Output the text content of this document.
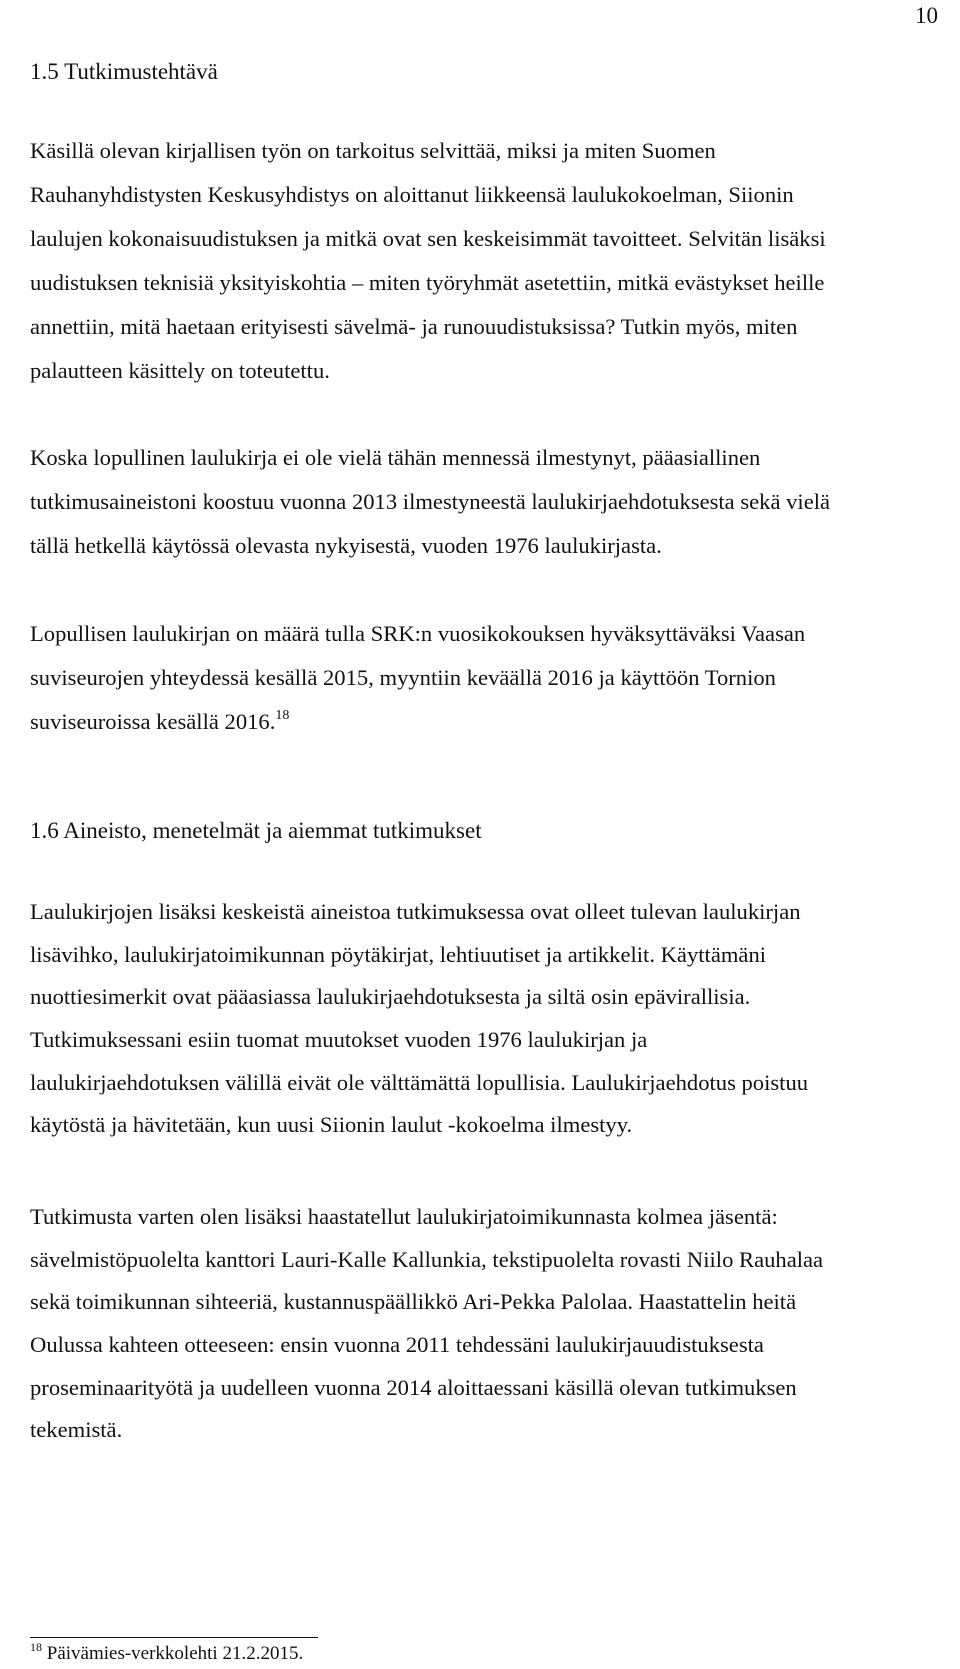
10
1.5 Tutkimustehtävä
Käsillä olevan kirjallisen työn on tarkoitus selvittää, miksi ja miten Suomen
Rauhanyhdistysten Keskusyhdistys on aloittanut liikkeensä laulukokoelman, Siionin
laulujen kokonaisuudistuksen ja mitkä ovat sen keskeisimmät tavoitteet. Selvitän lisäksi
uudistuksen teknisiä yksityiskohtia – miten työryhmät asetettiin, mitkä evästykset heille
annettiin, mitä haetaan erityisesti sävelmä- ja runouudistuksissa? Tutkin myös, miten
palautteen käsittely on toteutettu.
Koska lopullinen laulukirja ei ole vielä tähän mennessä ilmestynyt, pääasiallinen
tutkimusaineistoni koostuu vuonna 2013 ilmestyneestä laulukirjaehdotuksesta sekä vielä
tällä hetkellä käytössä olevasta nykyisestä, vuoden 1976 laulukirjasta.
Lopullisen laulukirjan on määrä tulla SRK:n vuosikokouksen hyväksyttäväksi Vaasan
suviseurojen yhteydessä kesällä 2015, myyntiin keväällä 2016 ja käyttöön Tornion
suviseuroissa kesällä 2016.18
1.6 Aineisto, menetelmät ja aiemmat tutkimukset
Laulukirjojen lisäksi keskeistä aineistoa tutkimuksessa ovat olleet tulevan laulukirjan
lisävihko, laulukirjatoimikunnan pöytäkirjat, lehtiuutiset ja artikkelit. Käyttämäni
nuottiesimerkit ovat pääasiassa laulukirjaehdotuksesta ja siltä osin epävirallisia.
Tutkimuksessani esiin tuomat muutokset vuoden 1976 laulukirjan ja
laulukirjaehdotuksen välillä eivät ole välttämättä lopullisia. Laulukirjaehdotus poistuu
käytöstä ja hävitetään, kun uusi Siionin laulut -kokoelma ilmestyy.
Tutkimusta varten olen lisäksi haastatellut laulukirjatoimikunnasta kolmea jäsentä:
sävelmistöpuolelta kanttori Lauri-Kalle Kallunkia, tekstipuolelta rovasti Niilo Rauhalaa
sekä toimikunnan sihteeriä, kustannuspäällikkö Ari-Pekka Palolaa. Haastattelin heitä
Oulussa kahteen otteeseen: ensin vuonna 2011 tehdessäni laulukirjauudistuksesta
proseminaarityötä ja uudelleen vuonna 2014 aloittaessani käsillä olevan tutkimuksen
tekemistä.
$^{18}$ Päivämies-verkkolehti 21.2.2015.
